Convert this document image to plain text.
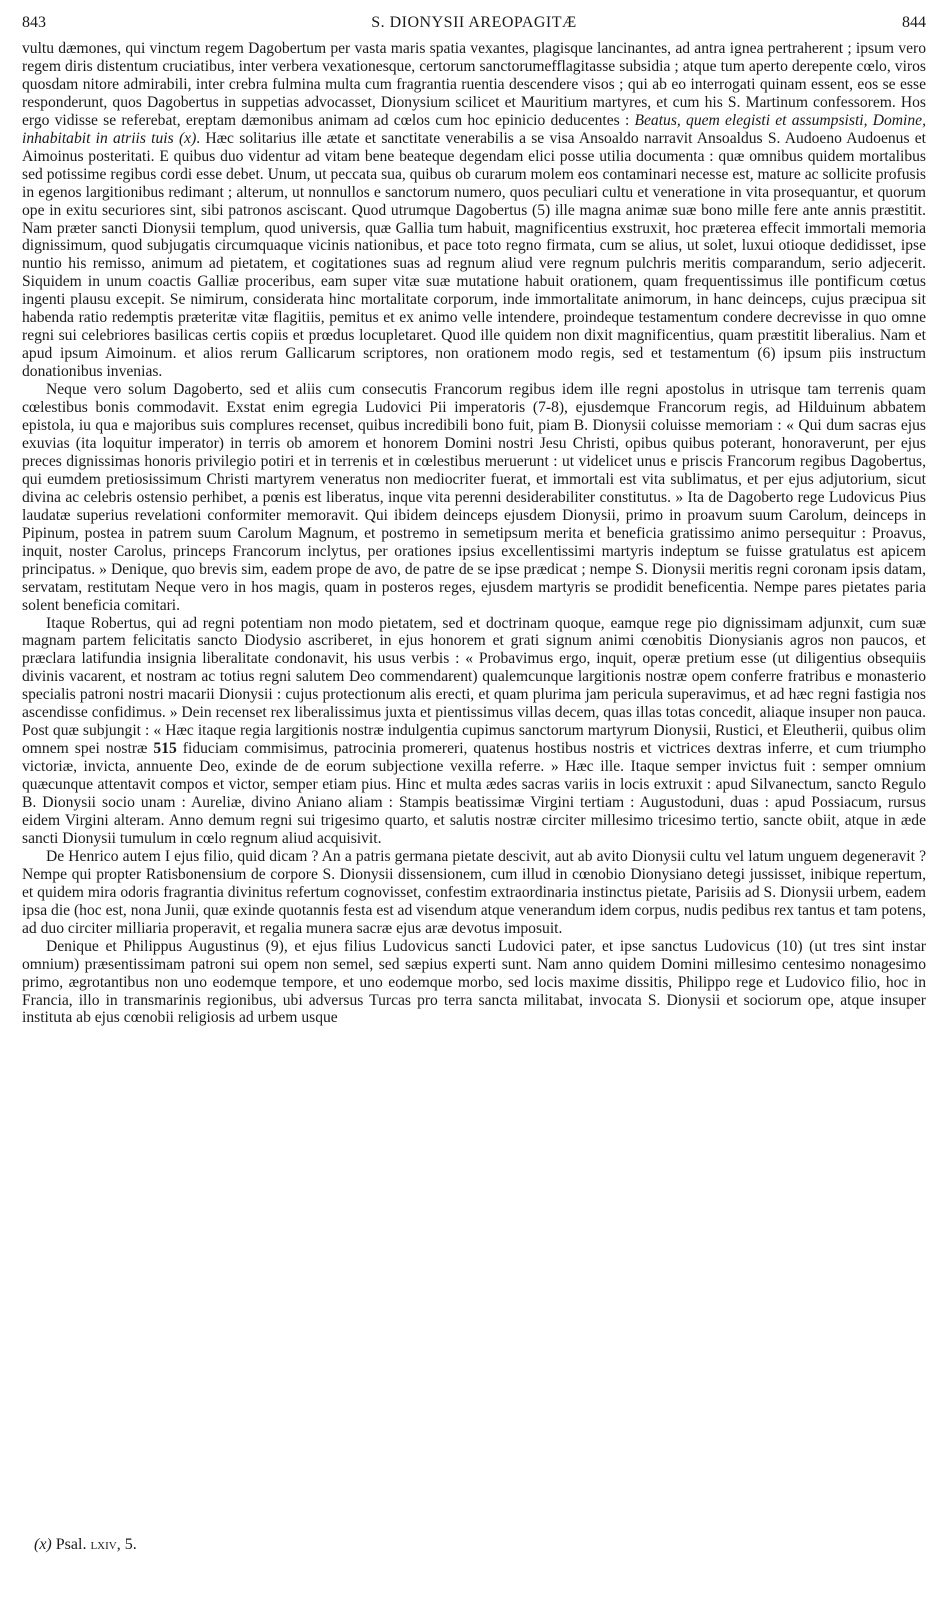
843	S. DIONYSII AREOPAGITÆ	844

vultu dæmones, qui vinctum regem Dagobertum per vasta maris spatia vexantes, plagisque lancinantes, ad antra ignea pertraherent ; ipsum vero regem diris distentum cruciatibus, inter verbera vexationesque, certorum sanctorumefflagitasse subsidia ; atque tum aperto derepente cœlo, viros quosdam nitore admirabili, inter crebra fulmina multa cum fragrantia ruentia descendere visos ; qui ab eo interrogati quinam essent, eos se esse responderunt, quos Dagobertus in suppetias advocasset, Dionysium scilicet et Mauritium martyres, et cum his S. Martinum confessorem. Hos ergo vidisse se referebat, ereptam dæmonibus animam ad cœlos cum hoc epinicio deducentes : Beatus, quem elegisti et assumpsisti, Domine, inhabitabit in atriis tuis (x). Hæc solitarius ille ætate et sanctitate venerabilis a se visa Ansoaldo narravit Ansoaldus S. Audoeno Audoenus et Aimoinus posteritati. E quibus duo videntur ad vitam bene beateque degendam elici posse utilia documenta : quæ omnibus quidem mortalibus sed potissime regibus cordi esse debet. Unum, ut peccata sua, quibus ob curarum molem eos contaminari necesse est, mature ac sollicite profusis in egenos largitionibus redimant ; alterum, ut nonnullos e sanctorum numero, quos peculiari cultu et veneratione in vita prosequantur, et quorum ope in exitu securiores sint, sibi patronos asciscant. Quod utrumque Dagobertus (5) ille magna animæ suæ bono mille fere ante annis præstitit. Nam præter sancti Dionysii templum, quod universis, quæ Gallia tum habuit, magnificentius exstruxit, hoc præterea effecit immortali memoria dignissimum, quod subjugatis circumquaque vicinis nationibus, et pace toto regno firmata, cum se alius, ut solet, luxui otioque dedidisset, ipse nuntio his remisso, animum ad pietatem, et cogitationes suas ad regnum aliud vere regnum pulchris meritis comparandum, serio adjecerit. Siquidem in unum coactis Galliæ proceribus, eam super vitæ suæ mutatione habuit orationem, quam frequentissimus ille pontificum cœtus ingenti plausu excepit. Se nimirum, considerata hinc mortalitate corporum, inde immortalitate animorum, in hanc deinceps, cujus præcipua sit habenda ratio redemptis præteritæ vitæ flagitiis, pemitus et ex animo velle intendere, proindeque testamentum condere decrevisse in quo omne regni sui celebriores basilicas certis copiis et prœdus locupletaret. Quod ille quidem non dixit magnificentius, quam præstitit liberalius. Nam et apud ipsum Aimoinum. et alios rerum Gallicarum scriptores, non orationem modo regis, sed et testamentum (6) ipsum piis instructum donationibus invenias.

Neque vero solum Dagoberto, sed et aliis cum consecutis Francorum regibus idem ille regni apostolus in utrisque tam terrenis quam cœlestibus bonis commodavit. Exstat enim egregia Ludovici Pii imperatoris (7-8), ejusdemque Francorum regis, ad Hilduinum abbatem epistola, iu qua e majoribus suis complures recenset, quibus incredibili bono fuit, piam B. Dionysii coluisse memoriam : « Qui dum sacras ejus exuvias (ita loquitur imperator) in terris ob amorem et honorem Domini nostri Jesu Christi, opibus quibus poterant, honoraverunt, per ejus preces dignissimas honoris privilegio potiri et in terrenis et in cœlestibus meruerunt : ut videlicet unus e priscis Francorum regibus Dagobertus, qui eumdem pretiosissimum Christi martyrem veneratus non mediocriter fuerat, et immortali est vita sublimatus, et per ejus adjutorium, sicut divina ac celebris ostensio perhibet, a pœnis est liberatus, inque vita perenni desiderabiliter constitutus. » Ita de Dagoberto rege Ludovicus Pius laudatæ superius revelationi conformiter memoravit. Qui ibidem deinceps ejusdem Dionysii, primo in proavum suum Carolum, deinceps in Pipinum, postea in patrem suum Carolum Magnum, et postremo in semetipsum merita et beneficia gratissimo animo persequitur : Proavus, inquit, noster Carolus, princeps Francorum inclytus, per orationes ipsius excellentissimi martyris indeptum se fuisse gratulatus est apicem principatus. » Denique, quo brevis sim, eadem prope de avo, de patre de se ipse prædicat ; nempe S. Dionysii meritis regni coronam ipsis datam, servatam, restitutam Neque vero in hos magis, quam in posteros reges, ejusdem martyris se prodidit beneficentia. Nempe pares pietates paria solent beneficia comitari.

Itaque Robertus, qui ad regni potentiam non modo pietatem, sed et doctrinam quoque, eamque rege pio dignissimam adjunxit, cum suæ magnam partem felicitatis sancto Diodysio ascriberet, in ejus honorem et grati signum animi cœnobitis Dionysianis agros non paucos, et præclara latifundia insignia liberalitate condonavit, his usus verbis : « Probavimus ergo, inquit, operæ pretium esse (ut diligentius obsequiis divinis vacarent, et nostram ac totius regni salutem Deo commendarent) qualemcunque largitionis nostræ opem conferre fratribus e monasterio specialis patroni nostri macarii Dionysii : cujus protectionum alis erecti, et quam plurima jam pericula superavimus, et ad hæc regni fastigia nos ascendisse confidimus. » Dein recenset rex liberalissimus juxta et pientissimus villas decem, quas illas totas concedit, aliaque insuper non pauca. Post quæ subjungit : « Hæc itaque regia largitionis nostræ indulgentia cupimus sanctorum martyrum Dionysii, Rustici, et Eleutherii, quibus olim omnem spei nostræ 515 fiduciam commisimus, patrocinia promereri, quatenus hostibus nostris et victrices dextras inferre, et cum triumpho victoriæ, invicta, annuente Deo, exinde de de eorum subjectione vexilla referre. » Hæc ille. Itaque semper invictus fuit : semper omnium quæcunque attentavit compos et victor, semper etiam pius. Hinc et multa ædes sacras variis in locis extruxit : apud Silvanectum, sancto Regulo B. Dionysii socio unam : Aureliæ, divino Aniano aliam : Stampis beatissimæ Virgini tertiam : Augustoduni, duas : apud Possiacum, rursus eidem Virgini alteram. Anno demum regni sui trigesimo quarto, et salutis nostræ circiter millesimo tricesimo tertio, sancte obiit, atque in æde sancti Dionysii tumulum in cœlo regnum aliud acquisivit.

De Henrico autem I ejus filio, quid dicam ? An a patris germana pietate descivit, aut ab avito Dionysii cultu vel latum unguem degeneravit ? Nempe qui propter Ratisbonensium de corpore S. Dionysii dissensionem, cum illud in cœnobio Dionysiano detegi jussisset, inibique repertum, et quidem mira odoris fragrantia divinitus refertum cognovisset, confestim extraordinaria instinctus pietate, Parisiis ad S. Dionysii urbem, eadem ipsa die (hoc est, nona Junii, quæ exinde quotannis festa est ad visendum atque venerandum idem corpus, nudis pedibus rex tantus et tam potens, ad duo circiter milliaria properavit, et regalia munera sacræ ejus aræ devotus imposuit.

Denique et Philippus Augustinus (9), et ejus filius Ludovicus sancti Ludovici pater, et ipse sanctus Ludovicus (10) (ut tres sint instar omnium) præsentissimam patroni sui opem non semel, sed sæpius experti sunt. Nam anno quidem Domini millesimo centesimo nonagesimo primo, ægrotantibus non uno eodemque tempore, et uno eodemque morbo, sed locis maxime dissitis, Philippo rege et Ludovico filio, hoc in Francia, illo in transmarinis regionibus, ubi adversus Turcas pro terra sancta militabat, invocata S. Dionysii et sociorum ope, atque insuper instituta ab ejus cœnobii religiosis ad urbem usque

(x) Psal. lxiv, 5.
